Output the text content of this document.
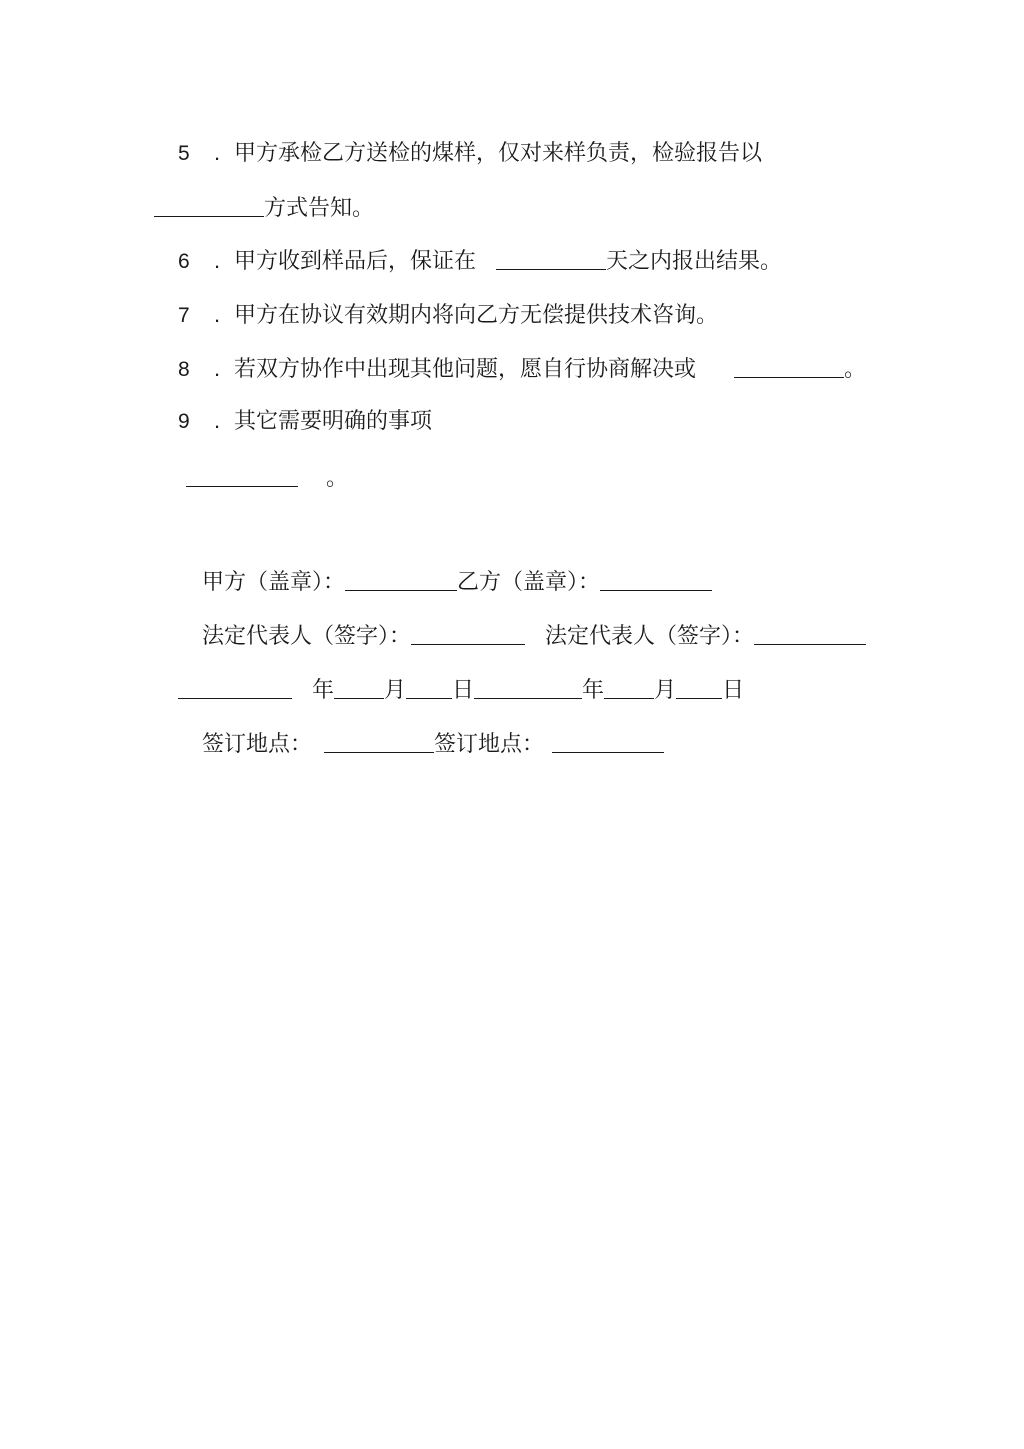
5 . 甲方承检乙方送检的煤样，仅对来样负责，检验报告以
方式告知。
6 . 甲方收到样品后，保证在	天之内报出结果。
7 . 甲方在协议有效期内将向乙方无偿提供技术咨询。
8 . 若双方协作中出现其他问题，愿自行协商解决或	。
9 . 其它需要明确的事项
。
甲方（盖章）：	乙方（盖章）：
法定代表人（签字）：	法定代表人（签字）：
年 月 日	年 月 日
签订地点：	签订地点：
